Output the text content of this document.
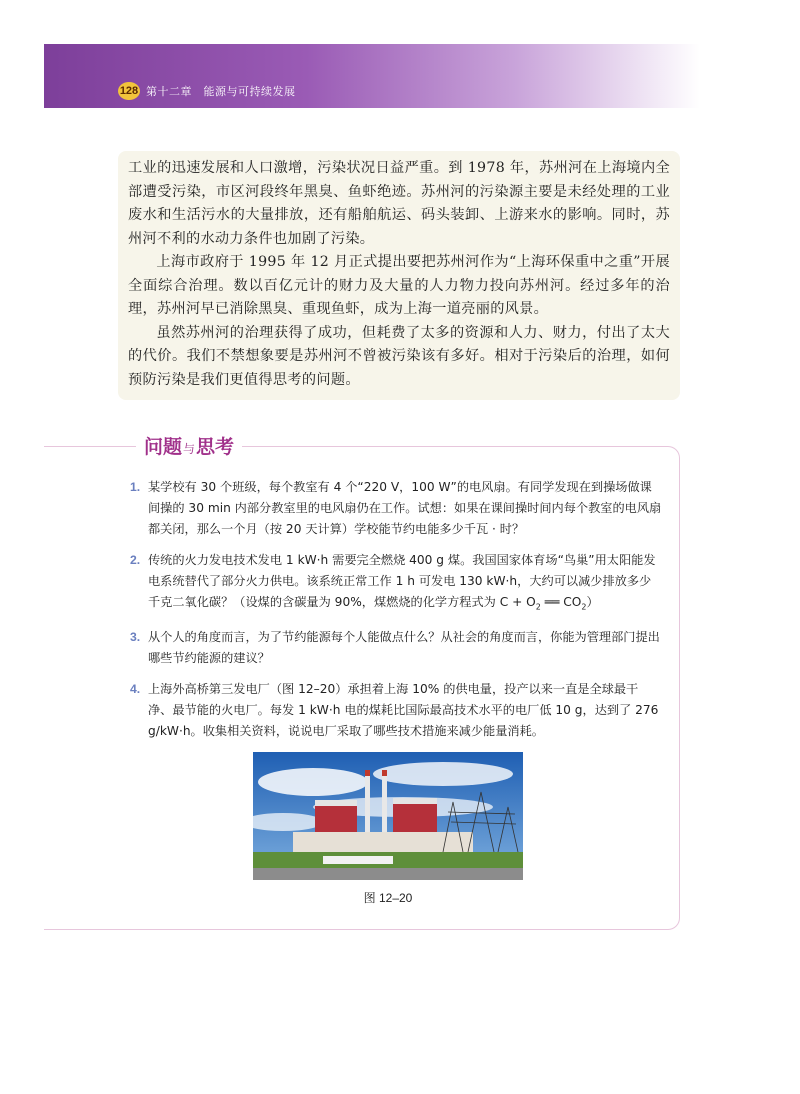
128 第十二章　能源与可持续发展

工业的迅速发展和人口激增，污染状况日益严重。到 1978 年，苏州河在上海境内全部遭受污染，市区河段终年黑臭、鱼虾绝迹。苏州河的污染源主要是未经处理的工业废水和生活污水的大量排放，还有船舶航运、码头装卸、上游来水的影响。同时，苏州河不利的水动力条件也加剧了污染。

上海市政府于 1995 年 12 月正式提出要把苏州河作为“上海环保重中之重”开展全面综合治理。数以百亿元计的财力及大量的人力物力投向苏州河。经过多年的治理，苏州河早已消除黑臭、重现鱼虾，成为上海一道亮丽的风景。

虽然苏州河的治理获得了成功，但耗费了太多的资源和人力、财力，付出了太大的代价。我们不禁想象要是苏州河不曾被污染该有多好。相对于污染后的治理，如何预防污染是我们更值得思考的问题。

问题与思考
1. 某学校有 30 个班级，每个教室有 4 个“220 V，100 W”的电风扇。有同学发现在到操场做课间操的 30 min 内部分教室里的电风扇仍在工作。试想：如果在课间操时间内每个教室的电风扇都关闭，那么一个月（按 20 天计算）学校能节约电能多少千瓦 · 时？
2. 传统的火力发电技术发电 1 kW·h 需要完全燃烧 400 g 煤。我国国家体育场“鸟巢”用太阳能发电系统替代了部分火力供电。该系统正常工作 1 h 可发电 130 kW·h，大约可以减少排放多少千克二氧化碳？（设煤的含碳量为 90%，煤燃烧的化学方程式为 $C + O_2$ ══ $CO_2$）
3. 从个人的角度而言，为了节约能源每个人能做点什么？从社会的角度而言，你能为管理部门提出哪些节约能源的建议？
4. 上海外高桥第三发电厂（图 12–20）承担着上海 10% 的供电量，投产以来一直是全球最干净、最节能的火电厂。每发 1 kW·h 电的煤耗比国际最高技术水平的电厂低 10 g，达到了 276 g/kW·h。收集相关资料，说说电厂采取了哪些技术措施来减少能量消耗。
图 12–20
